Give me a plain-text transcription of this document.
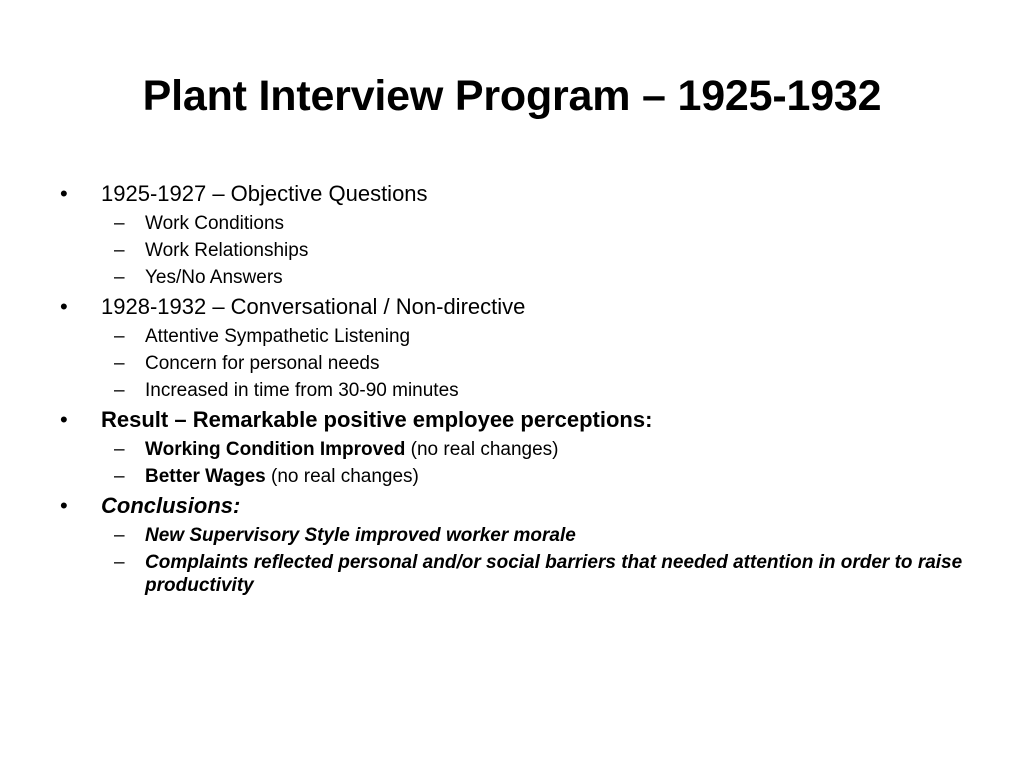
Plant Interview Program – 1925-1932
• 1925-1927 – Objective Questions
– Work Conditions
– Work Relationships
– Yes/No Answers
• 1928-1932 – Conversational / Non-directive
– Attentive Sympathetic Listening
– Concern for personal needs
– Increased in time from 30-90 minutes
• Result – Remarkable positive employee perceptions:
– Working Condition Improved (no real changes)
– Better Wages (no real changes)
• Conclusions:
– New Supervisory Style improved worker morale
– Complaints reflected personal and/or social barriers that needed attention in order to raise productivity
